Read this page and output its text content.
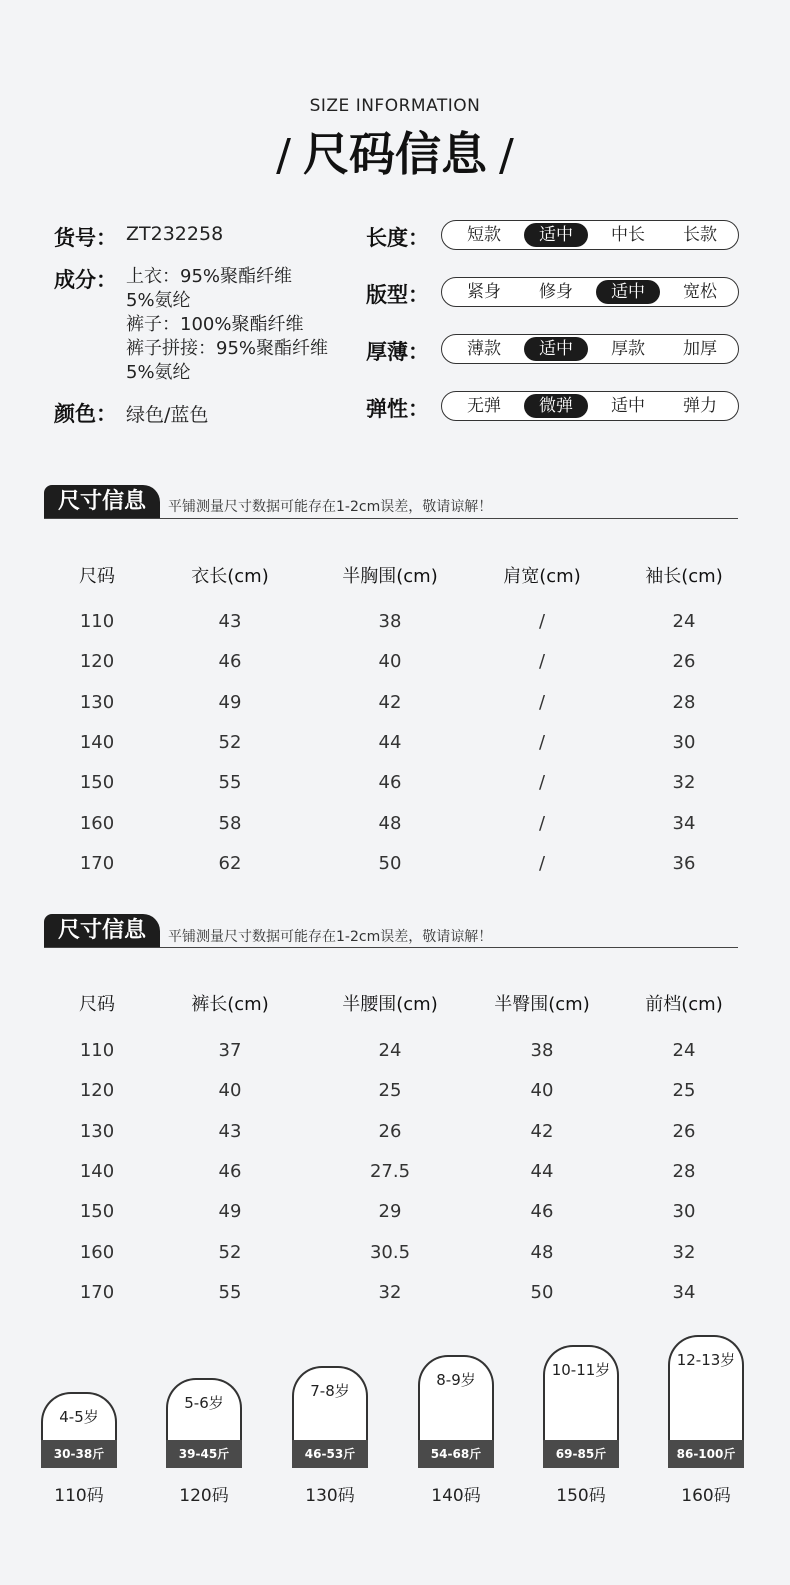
SIZE INFORMATION
/ 尺码信息 /
货号： ZT232258
成分： 上衣：95%聚酯纤维
5%氨纶
裤子：100%聚酯纤维
裤子拼接：95%聚酯纤维
5%氨纶
颜色： 绿色/蓝色
长度：	短款	适中	中长	长款
版型：	紧身	修身	适中	宽松
厚薄：	薄款	适中	厚款	加厚
弹性：	无弹	微弹	适中	弹力
尺寸信息	平铺测量尺寸数据可能存在1-2cm误差，敬请谅解！
尺码	衣长(cm)	半胸围(cm)	肩宽(cm)	袖长(cm)
110	43	38	/	24
120	46	40	/	26
130	49	42	/	28
140	52	44	/	30
150	55	46	/	32
160	58	48	/	34
170	62	50	/	36
尺寸信息	平铺测量尺寸数据可能存在1-2cm误差，敬请谅解！
尺码	裤长(cm)	半腰围(cm)	半臀围(cm)	前档(cm)
110	37	24	38	24
120	40	25	40	25
130	43	26	42	26
140	46	27.5	44	28
150	49	29	46	30
160	52	30.5	48	32
170	55	32	50	34
4-5岁
30-38斤
110码
5-6岁
39-45斤
120码
7-8岁
46-53斤
130码
8-9岁
54-68斤
140码
10-11岁
69-85斤
150码
12-13岁
86-100斤
160码
